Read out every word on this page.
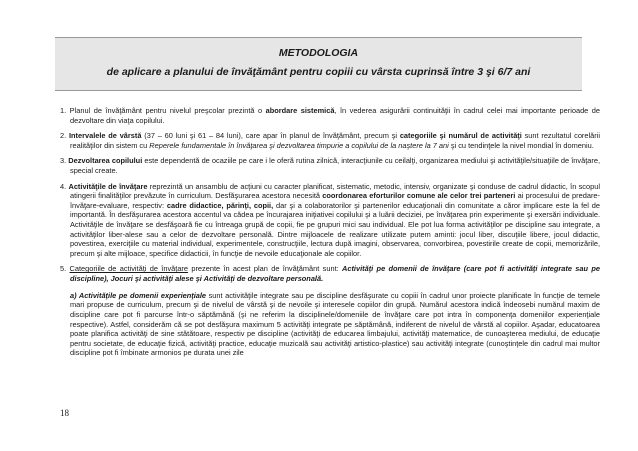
METODOLOGIA
de aplicare a planului de învăţământ pentru copiii cu vârsta cuprinsă între 3 şi 6/7 ani

1. Planul de învăţământ pentru nivelul preşcolar prezintă o abordare sistemică, în vederea asigurării continuităţii în cadrul celei mai importante perioade de dezvoltare din viaţa copilului.

2. Intervalele de vârstă (37 – 60 luni şi 61 – 84 luni), care apar în planul de învăţământ, precum şi categoriile şi numărul de activităţi sunt rezultatul corelării realităţilor din sistem cu Reperele fundamentale în învăţarea şi dezvoltarea timpurie a copilului de la naştere la 7 ani şi cu tendinţele la nivel mondial în domeniu.

3. Dezvoltarea copilului este dependentă de ocaziile pe care i le oferă rutina zilnică, interacţiunile cu ceilalţi, organizarea mediului şi activităţile/situaţiile de învăţare, special create.

4. Activităţile de învăţare reprezintă un ansamblu de acţiuni cu caracter planificat, sistematic, metodic, intensiv, organizate şi conduse de cadrul didactic, în scopul atingerii finalităţilor prevăzute în curriculum. Desfăşurarea acestora necesită coordonarea eforturilor comune ale celor trei parteneri ai procesului de predare-învăţare-evaluare, respectiv: cadre didactice, părinţi, copii, dar şi a colaboratorilor şi partenerilor educaţionali din comunitate a căror implicare este la fel de importantă. În desfăşurarea acestora accentul va cădea pe încurajarea iniţiativei copilului şi a luării deciziei, pe învăţarea prin experimente şi exersări individuale. Activităţile de învăţare se desfăşoară fie cu întreaga grupă de copii, fie pe grupuri mici sau individual. Ele pot lua forma activităţilor pe discipline sau integrate, a activităţilor liber-alese sau a celor de dezvoltare personală. Dintre mijloacele de realizare utilizate putem aminti: jocul liber, discuţiile libere, jocul didactic, povestirea, exerciţiile cu material individual, experimentele, construcţiile, lectura după imagini, observarea, convorbirea, povestirile create de copii, memorizările, precum şi alte mijloace, specifice didacticii, în funcţie de nevoile educaţionale ale copiilor.

5. Categoriile de activităţi de învăţare prezente în acest plan de învăţământ sunt: Activităţi pe domenii de învăţare (care pot fi activităţi integrate sau pe discipline), Jocuri şi activităţi alese şi Activităţi de dezvoltare personală.

a) Activităţile pe domenii experienţiale sunt activităţile integrate sau pe discipline desfăşurate cu copiii în cadrul unor proiecte planificate în funcţie de temele mari propuse de curriculum, precum şi de nivelul de vârstă şi de nevoile şi interesele copiilor din grupă. Numărul acestora indică îndeosebi numărul maxim de discipline care pot fi parcurse într-o săptămână (şi ne referim la disciplinele/domeniile de învăţare care pot intra în componenţa domeniilor experienţiale respective). Astfel, considerăm că se pot desfăşura maximum 5 activităţi integrate pe săptămână, indiferent de nivelul de vârstă al copiilor. Aşadar, educatoarea poate planifica activităţi de sine stătătoare, respectiv pe discipline (activităţi de educarea limbajului, activităţi matematice, de cunoaşterea mediului, de educaţie pentru societate, de educaţie fizică, activităţi practice, educaţie muzicală sau activităţi artistico-plastice) sau activităţi integrate (cunoştinţele din cadrul mai multor discipline pot fi îmbinate armonios pe durata unei zile

18
